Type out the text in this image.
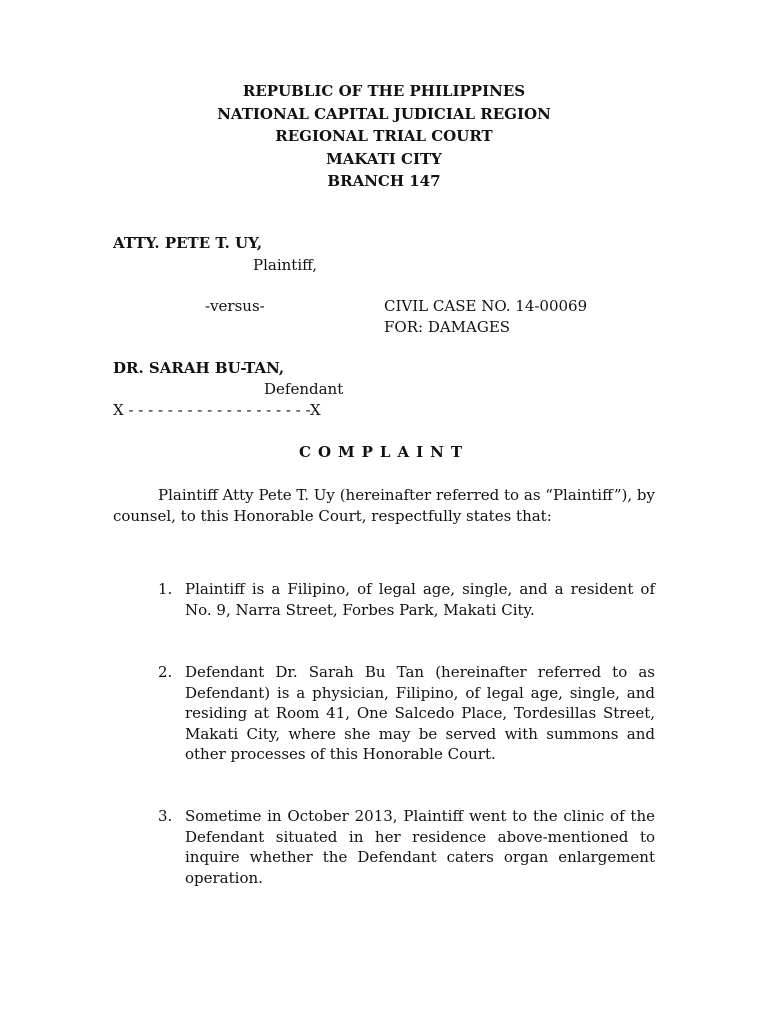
REPUBLIC OF THE PHILIPPINES
NATIONAL CAPITAL JUDICIAL REGION
REGIONAL TRIAL COURT
MAKATI CITY
BRANCH 147
ATTY. PETE T. UY,
Plaintiff,
-versus-	CIVIL CASE NO. 14-00069
FOR: DAMAGES
DR. SARAH BU-TAN,
Defendant
X - - - - - - - - - - - - - - - - - - -X
COMPLAINT
Plaintiff Atty Pete T. Uy (hereinafter referred to as “Plaintiff”), by counsel, to this Honorable Court, respectfully states that:
1. Plaintiff is a Filipino, of legal age, single, and a resident of No. 9, Narra Street, Forbes Park, Makati City.
2. Defendant Dr. Sarah Bu Tan (hereinafter referred to as Defendant) is a physician, Filipino, of legal age, single, and residing at Room 41, One Salcedo Place, Tordesillas Street, Makati City, where she may be served with summons and other processes of this Honorable Court.
3. Sometime in October 2013, Plaintiff went to the clinic of the Defendant situated in her residence above-mentioned to inquire whether the Defendant caters organ enlargement operation.
